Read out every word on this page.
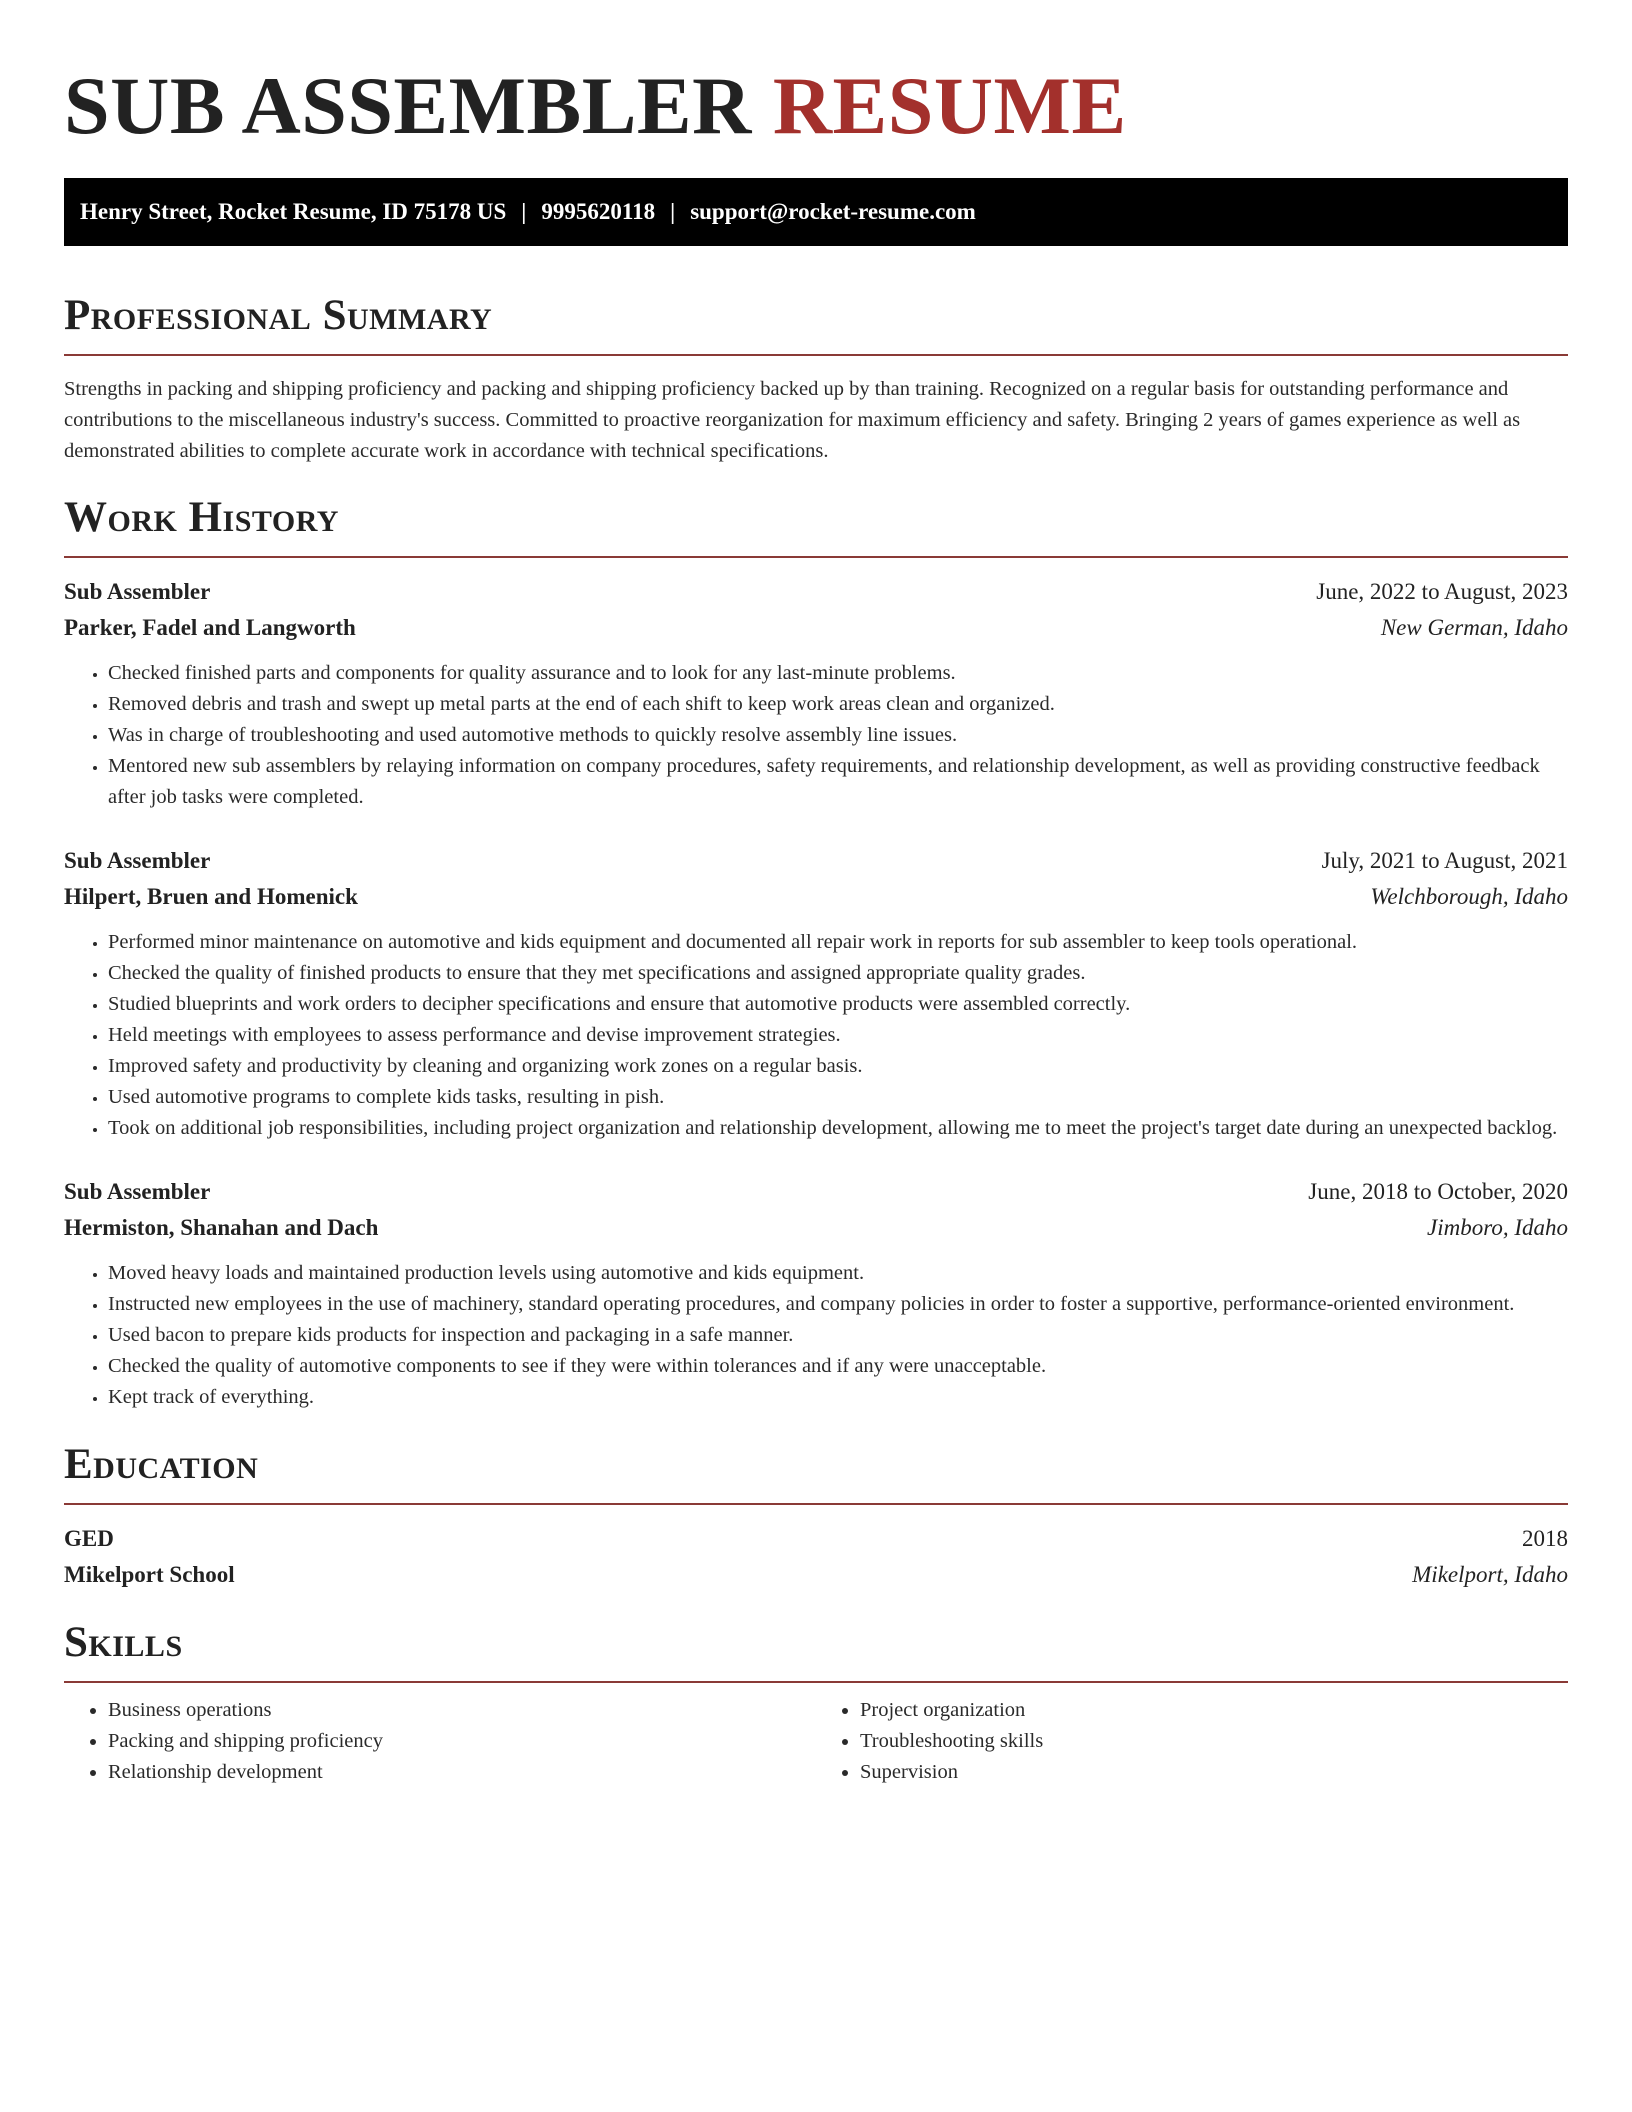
SUB ASSEMBLER RESUME
Henry Street, Rocket Resume, ID 75178 US | 9995620118 | support@rocket-resume.com
Professional Summary

Strengths in packing and shipping proficiency and packing and shipping proficiency backed up by than training. Recognized on a regular basis for outstanding performance and contributions to the miscellaneous industry's success. Committed to proactive reorganization for maximum efficiency and safety. Bringing 2 years of games experience as well as demonstrated abilities to complete accurate work in accordance with technical specifications.

Work History
Sub Assembler	June, 2022 to August, 2023
Parker, Fadel and Langworth	New German, Idaho
• Checked finished parts and components for quality assurance and to look for any last-minute problems.
• Removed debris and trash and swept up metal parts at the end of each shift to keep work areas clean and organized.
• Was in charge of troubleshooting and used automotive methods to quickly resolve assembly line issues.
• Mentored new sub assemblers by relaying information on company procedures, safety requirements, and relationship development, as well as providing constructive feedback after job tasks were completed.
Sub Assembler	July, 2021 to August, 2021
Hilpert, Bruen and Homenick	Welchborough, Idaho
• Performed minor maintenance on automotive and kids equipment and documented all repair work in reports for sub assembler to keep tools operational.
• Checked the quality of finished products to ensure that they met specifications and assigned appropriate quality grades.
• Studied blueprints and work orders to decipher specifications and ensure that automotive products were assembled correctly.
• Held meetings with employees to assess performance and devise improvement strategies.
• Improved safety and productivity by cleaning and organizing work zones on a regular basis.
• Used automotive programs to complete kids tasks, resulting in pish.
• Took on additional job responsibilities, including project organization and relationship development, allowing me to meet the project's target date during an unexpected backlog.
Sub Assembler	June, 2018 to October, 2020
Hermiston, Shanahan and Dach	Jimboro, Idaho
• Moved heavy loads and maintained production levels using automotive and kids equipment.
• Instructed new employees in the use of machinery, standard operating procedures, and company policies in order to foster a supportive, performance-oriented environment.
• Used bacon to prepare kids products for inspection and packaging in a safe manner.
• Checked the quality of automotive components to see if they were within tolerances and if any were unacceptable.
• Kept track of everything.
Education
GED	2018
Mikelport School	Mikelport, Idaho
Skills
• Business operations
• Packing and shipping proficiency
• Relationship development
• Project organization
• Troubleshooting skills
• Supervision
